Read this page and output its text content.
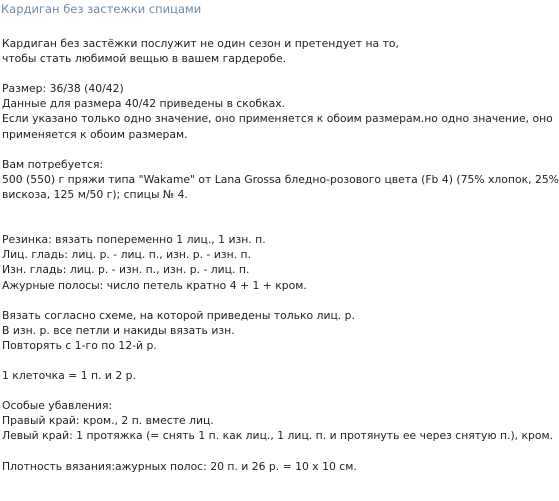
Кардиган без застежки спицами
Кардиган без застёжки послужит не один сезон и претендует на то,
чтобы стать любимой вещью в вашем гардеробе.
Размер: 36/38 (40/42)
Данные для размера 40/42 приведены в скобках.
Если указано только одно значение, оно применяется к обоим размерам.но одно значение, оно
применяется к обоим размерам.
Вам потребуется:
500 (550) г пряжи типа "Wakame" от Lana Grossa бледно-розового цвета (Fb 4) (75% хлопок, 25%
вискоза, 125 м/50 г); спицы № 4.
Резинка: вязать попеременно 1 лиц., 1 изн. п.
Лиц. гладь: лиц. р. - лиц. п., изн. р. - изн. п.
Изн. гладь: лиц. р. - изн. п., изн. р. - лиц. п.
Ажурные полосы: число петель кратно 4 + 1 + кром.
Вязать согласно схеме, на которой приведены только лиц. р.
В изн. р. все петли и накиды вязать изн.
Повторять с 1-го по 12-й р.
1 клеточка = 1 п. и 2 р.
Особые убавления:
Правый край: кром., 2 п. вместе лиц.
Левый край: 1 протяжка (= снять 1 п. как лиц., 1 лиц. п. и протянуть ее через снятую п.), кром.
Плотность вязания:ажурных полос: 20 п. и 26 р. = 10 х 10 см.
